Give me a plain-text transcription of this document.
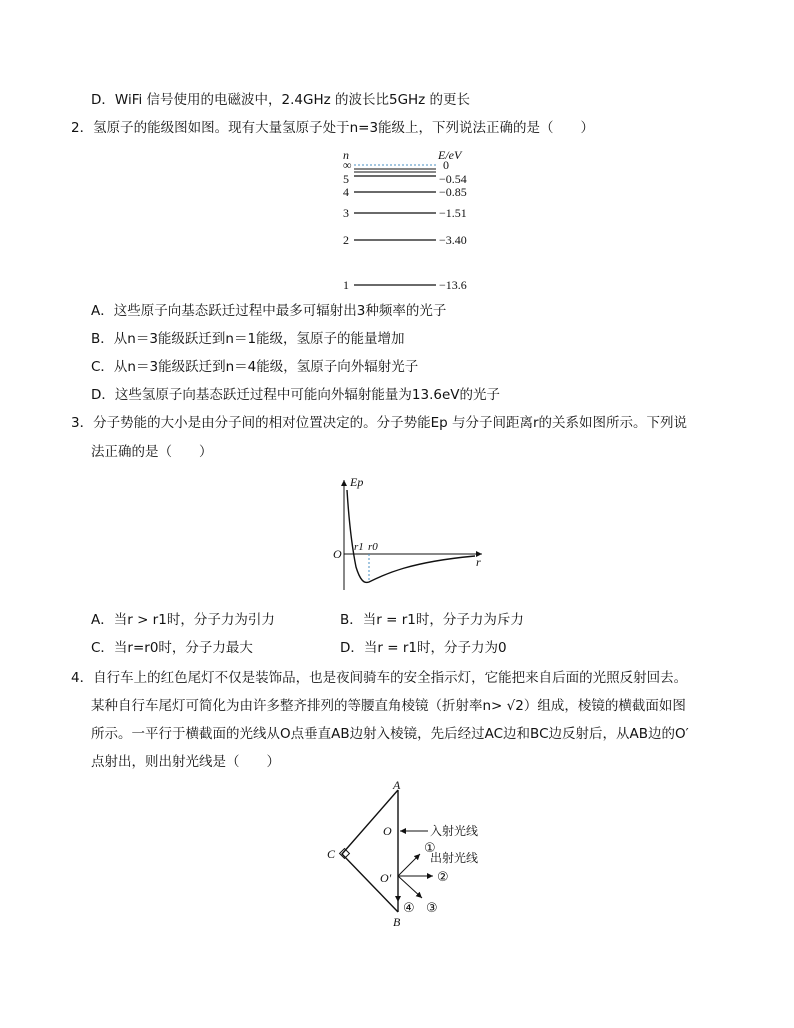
D．WiFi 信号使用的电磁波中，2.4GHz 的波长比5GHz 的更长
2．氢原子的能级图如图。现有大量氢原子处于n=3能级上，下列说法正确的是（　　）
n	E/eV
∞	0
5	−0.54
4	−0.85
3	−1.51
2	−3.40
1	−13.6
A．这些原子向基态跃迁过程中最多可辐射出3种频率的光子
B．从n＝3能级跃迁到n＝1能级，氢原子的能量增加
C．从n＝3能级跃迁到n＝4能级，氢原子向外辐射光子
D．这些氢原子向基态跃迁过程中可能向外辐射能量为13.6eV的光子
3．分子势能的大小是由分子间的相对位置决定的。分子势能Ep 与分子间距离r的关系如图所示。下列说
法正确的是（　　）
Ep
r
O r1 r0
A．当r > r1时，分子力为引力	B．当r = r1时，分子力为斥力
C．当r=r0时，分子力最大	D．当r = r1时，分子力为0
4．自行车上的红色尾灯不仅是装饰品，也是夜间骑车的安全指示灯，它能把来自后面的光照反射回去。
某种自行车尾灯可简化为由许多整齐排列的等腰直角棱镜（折射率n> √2）组成，棱镜的横截面如图
所示。一平行于横截面的光线从O点垂直AB边射入棱镜，先后经过AC边和BC边反射后，从AB边的O′
点射出，则出射光线是（　　）
A
B
C
O
O′
入射光线
出射光线
①
②
③
④
